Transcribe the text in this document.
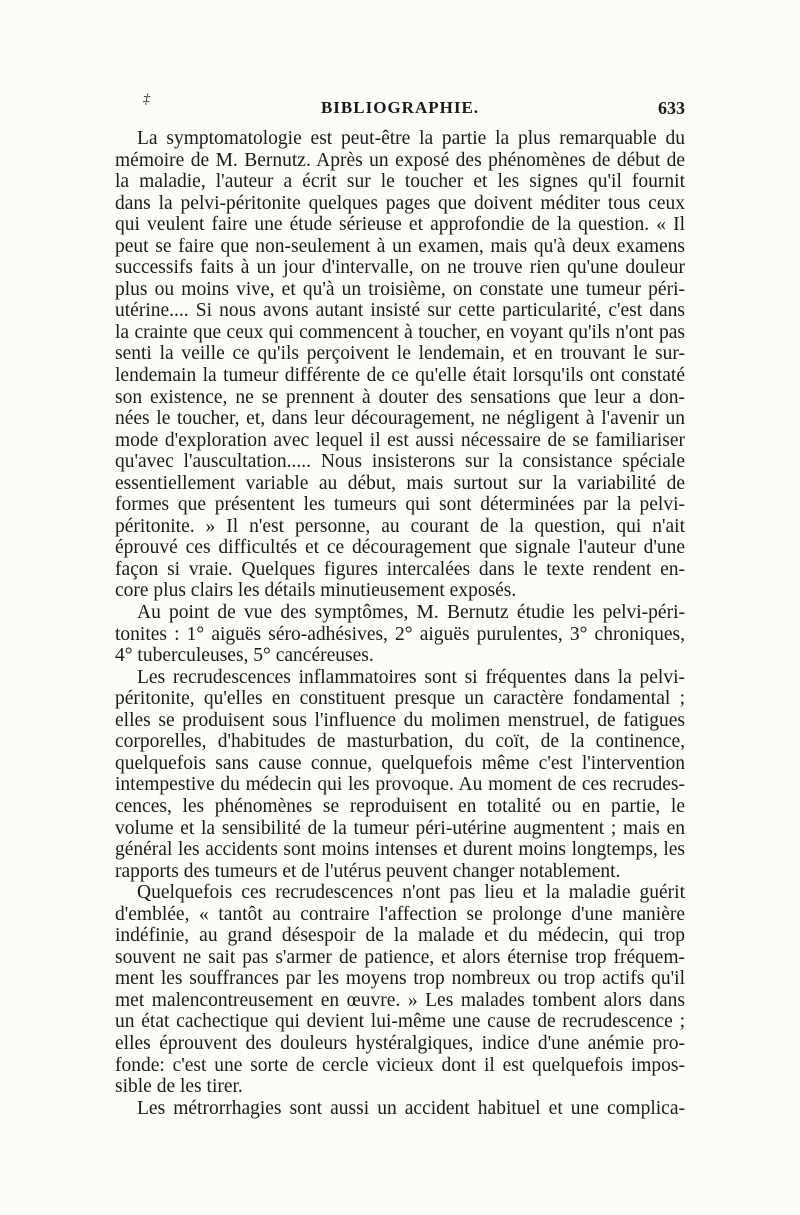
‡	BIBLIOGRAPHIE.	633
La symptomatologie est peut-être la partie la plus remarquable du
mémoire de M. Bernutz. Après un exposé des phénomènes de début de
la maladie, l'auteur a écrit sur le toucher et les signes qu'il fournit
dans la pelvi-péritonite quelques pages que doivent méditer tous ceux
qui veulent faire une étude sérieuse et approfondie de la question. « Il
peut se faire que non-seulement à un examen, mais qu'à deux examens
successifs faits à un jour d'intervalle, on ne trouve rien qu'une douleur
plus ou moins vive, et qu'à un troisième, on constate une tumeur péri-
utérine.... Si nous avons autant insisté sur cette particularité, c'est dans
la crainte que ceux qui commencent à toucher, en voyant qu'ils n'ont pas
senti la veille ce qu'ils perçoivent le lendemain, et en trouvant le sur-
lendemain la tumeur différente de ce qu'elle était lorsqu'ils ont constaté
son existence, ne se prennent à douter des sensations que leur a don-
nées le toucher, et, dans leur découragement, ne négligent à l'avenir un
mode d'exploration avec lequel il est aussi nécessaire de se familiariser
qu'avec l'auscultation..... Nous insisterons sur la consistance spéciale
essentiellement variable au début, mais surtout sur la variabilité de
formes que présentent les tumeurs qui sont déterminées par la pelvi-
péritonite. » Il n'est personne, au courant de la question, qui n'ait
éprouvé ces difficultés et ce découragement que signale l'auteur d'une
façon si vraie. Quelques figures intercalées dans le texte rendent en-
core plus clairs les détails minutieusement exposés.
Au point de vue des symptômes, M. Bernutz étudie les pelvi-péri-
tonites : 1° aiguës séro-adhésives, 2° aiguës purulentes, 3° chroniques,
4° tuberculeuses, 5° cancéreuses.
Les recrudescences inflammatoires sont si fréquentes dans la pelvi-
péritonite, qu'elles en constituent presque un caractère fondamental ;
elles se produisent sous l'influence du molimen menstruel, de fatigues
corporelles, d'habitudes de masturbation, du coït, de la continence,
quelquefois sans cause connue, quelquefois même c'est l'intervention
intempestive du médecin qui les provoque. Au moment de ces recrudes-
cences, les phénomènes se reproduisent en totalité ou en partie, le
volume et la sensibilité de la tumeur péri-utérine augmentent ; mais en
général les accidents sont moins intenses et durent moins longtemps, les
rapports des tumeurs et de l'utérus peuvent changer notablement.
Quelquefois ces recrudescences n'ont pas lieu et la maladie guérit
d'emblée, « tantôt au contraire l'affection se prolonge d'une manière
indéfinie, au grand désespoir de la malade et du médecin, qui trop
souvent ne sait pas s'armer de patience, et alors éternise trop fréquem-
ment les souffrances par les moyens trop nombreux ou trop actifs qu'il
met malencontreusement en œuvre. » Les malades tombent alors dans
un état cachectique qui devient lui-même une cause de recrudescence ;
elles éprouvent des douleurs hystéralgiques, indice d'une anémie pro-
fonde: c'est une sorte de cercle vicieux dont il est quelquefois impos-
sible de les tirer.
Les métrorrhagies sont aussi un accident habituel et une complica-
